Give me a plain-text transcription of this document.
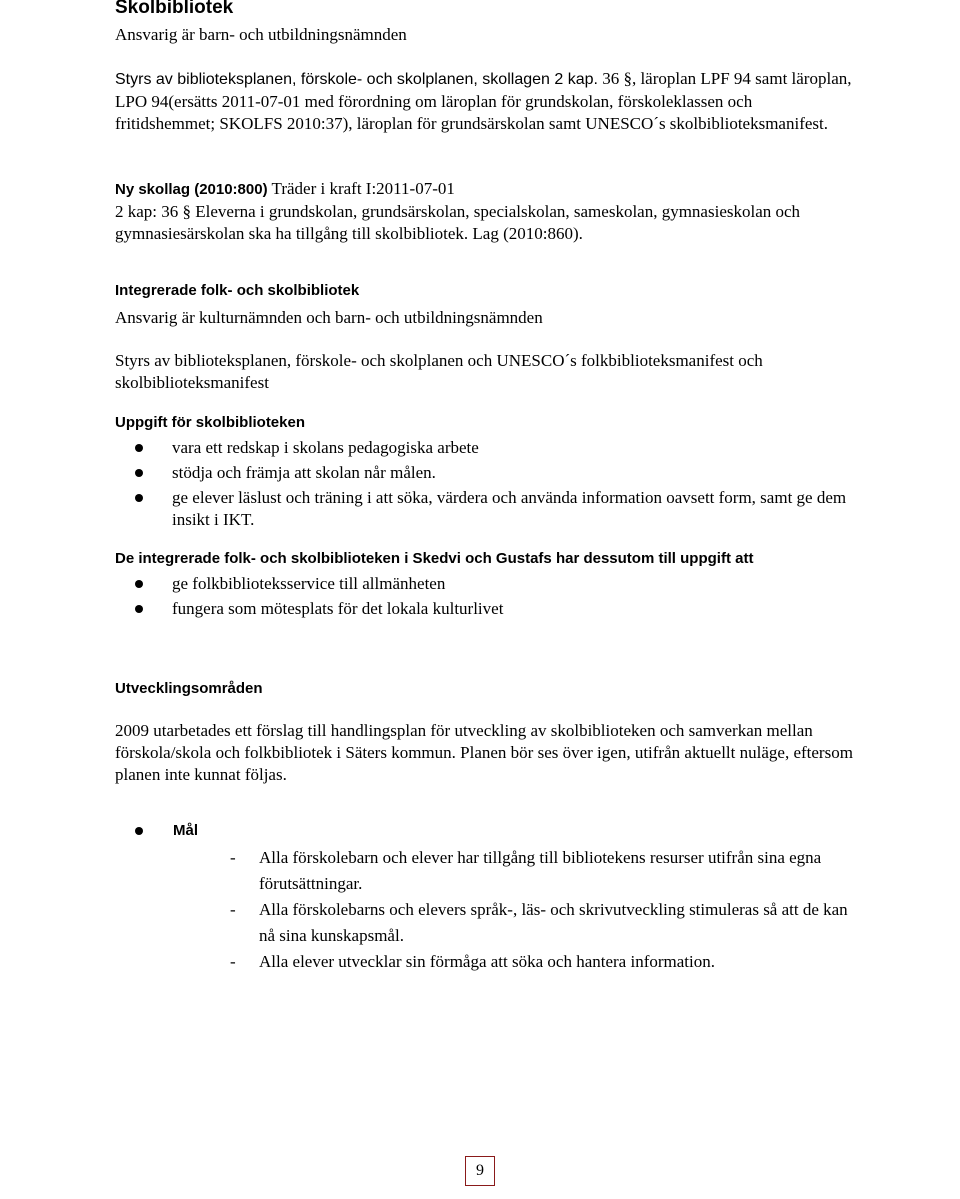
Skolbibliotek
Ansvarig är barn- och utbildningsnämnden
Styrs av biblioteksplanen, förskole- och skolplanen, skollagen 2 kap. 36 §, läroplan LPF 94 samt läroplan, LPO 94(ersätts 2011-07-01 med förordning om läroplan för grundskolan, förskoleklassen och fritidshemmet; SKOLFS 2010:37), läroplan för grundsärskolan samt UNESCO´s skolbiblioteksmanifest.
Ny skollag (2010:800) Träder i kraft I:2011-07-01
2 kap: 36 § Eleverna i grundskolan, grundsärskolan, specialskolan, sameskolan, gymnasieskolan och gymnasiesärskolan ska ha tillgång till skolbibliotek. Lag (2010:860).
Integrerade folk- och skolbibliotek
Ansvarig är kulturnämnden och barn- och utbildningsnämnden
Styrs av biblioteksplanen, förskole- och skolplanen och UNESCO´s folkbiblioteksmanifest och skolbiblioteksmanifest
Uppgift för skolbiblioteken
vara ett redskap i skolans pedagogiska arbete
stödja och främja att skolan når målen.
ge elever läslust och träning i att söka, värdera och använda information oavsett form, samt ge dem insikt i IKT.
De integrerade folk- och skolbiblioteken i Skedvi och Gustafs har dessutom till uppgift att
ge folkbiblioteksservice till allmänheten
fungera som mötesplats för det lokala kulturlivet
Utvecklingsområden
2009 utarbetades ett förslag till handlingsplan för utveckling av skolbiblioteken och samverkan mellan förskola/skola och folkbibliotek i Säters kommun. Planen bör ses över igen, utifrån aktuellt nuläge, eftersom planen inte kunnat följas.
Mål
- Alla förskolebarn och elever har tillgång till bibliotekens resurser utifrån sina egna förutsättningar.
- Alla förskolebarns och elevers språk-, läs- och skrivutveckling stimuleras så att de kan nå sina kunskapsmål.
- Alla elever utvecklar sin förmåga att söka och hantera information.
9
